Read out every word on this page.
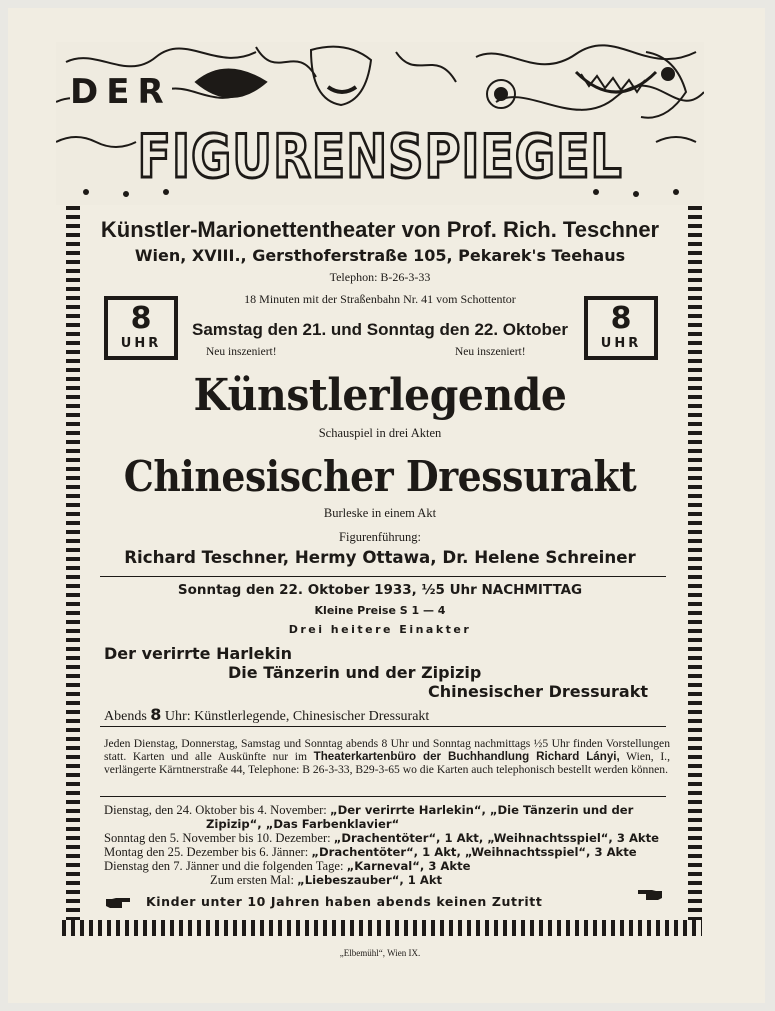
DER
FIGURENSPIEGEL
Künstler-Marionettentheater von Prof. Rich. Teschner
Wien, XVIII., Gersthoferstraße 105, Pekarek's Teehaus
Telephon: B-26-3-33
18 Minuten mit der Straßenbahn Nr. 41 vom Schottentor
8
UHR
8
UHR
Samstag den 21. und Sonntag den 22. Oktober
Neu inszeniert!	Neu inszeniert!
Künstlerlegende
Schauspiel in drei Akten
Chinesischer Dressurakt
Burleske in einem Akt
Figurenführung:
Richard Teschner, Hermy Ottawa, Dr. Helene Schreiner
Sonntag den 22. Oktober 1933, ½5 Uhr NACHMITTAG
Kleine Preise S 1 — 4
Drei heitere Einakter
Der verirrte Harlekin
Die Tänzerin und der Zipizip
Chinesischer Dressurakt
Abends 8 Uhr: Künstlerlegende, Chinesischer Dressurakt
Jeden Dienstag, Donnerstag, Samstag und Sonntag abends 8 Uhr und Sonntag nachmittags ½5 Uhr finden Vorstellungen statt. Karten und alle Auskünfte nur im Theaterkartenbüro der Buchhandlung Richard Lányi, Wien, I., verlängerte Kärntnerstraße 44, Telephone: B 26-3-33, B29-3-65 wo die Karten auch telephonisch bestellt werden können.
Dienstag, den 24. Oktober bis 4. November: „Der verirrte Harlekin“, „Die Tänzerin und der
Zipizip“, „Das Farbenklavier“
Sonntag den 5. November bis 10. Dezember: „Drachentöter“, 1 Akt, „Weihnachtsspiel“, 3 Akte
Montag den 25. Dezember bis 6. Jänner: „Drachentöter“, 1 Akt, „Weihnachtsspiel“, 3 Akte
Dienstag den 7. Jänner und die folgenden Tage: „Karneval“, 3 Akte
Zum ersten Mal: „Liebeszauber“, 1 Akt
Kinder unter 10 Jahren haben abends keinen Zutritt
„Elbemühl“, Wien IX.
